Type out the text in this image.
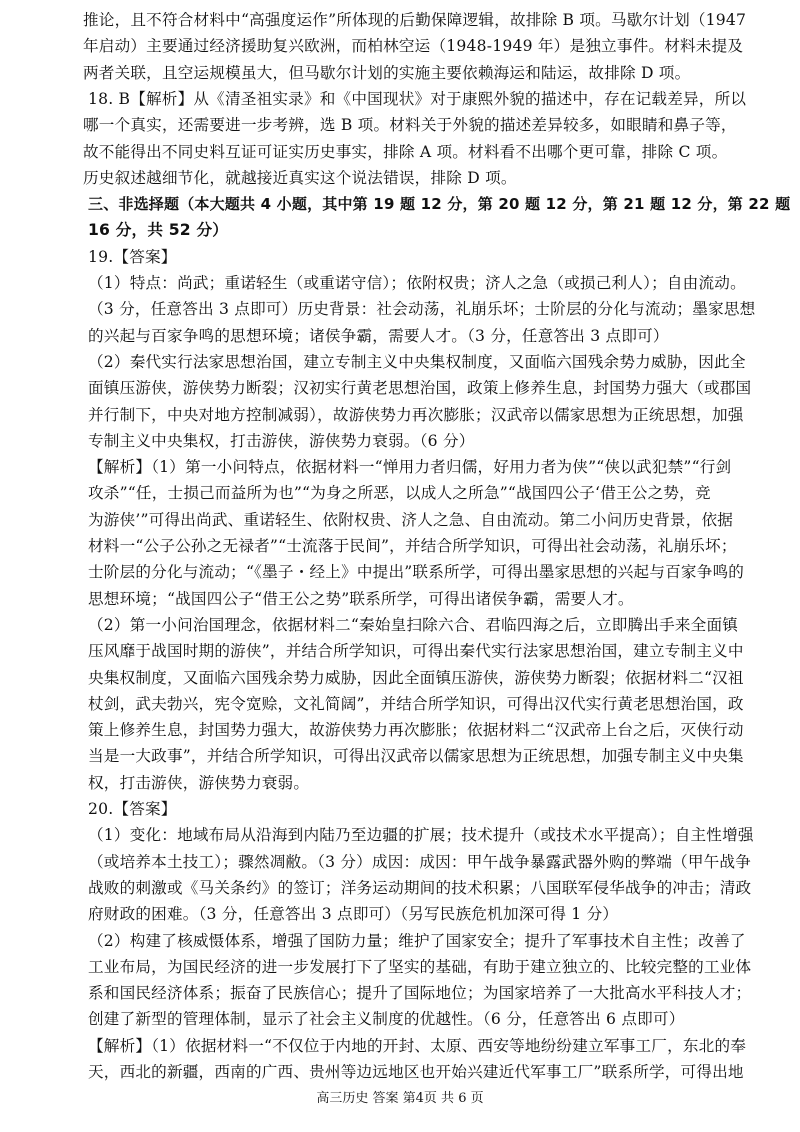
推论，且不符合材料中“高强度运作”所体现的后勤保障逻辑，故排除 B 项。马歇尔计划（1947
年启动）主要通过经济援助复兴欧洲，而柏林空运（1948-1949 年）是独立事件。材料未提及
两者关联，且空运规模虽大，但马歇尔计划的实施主要依赖海运和陆运，故排除 D 项。
18. B【解析】从《清圣祖实录》和《中国现状》对于康熙外貌的描述中，存在记载差异，所以
哪一个真实，还需要进一步考辨，选 B 项。材料关于外貌的描述差异较多，如眼睛和鼻子等，
故不能得出不同史料互证可证实历史事实，排除 A 项。材料看不出哪个更可靠，排除 C 项。
历史叙述越细节化，就越接近真实这个说法错误，排除 D 项。
三、非选择题（本大题共 4 小题，其中第 19 题 12 分，第 20 题 12 分，第 21 题 12 分，第 22 题
16 分，共 52 分）
19.【答案】
（1）特点：尚武；重诺轻生（或重诺守信）；依附权贵；济人之急（或损己利人）；自由流动。
（3 分，任意答出 3 点即可）历史背景：社会动荡，礼崩乐坏；士阶层的分化与流动；墨家思想
的兴起与百家争鸣的思想环境；诸侯争霸，需要人才。（3 分，任意答出 3 点即可）
（2）秦代实行法家思想治国，建立专制主义中央集权制度，又面临六国残余势力威胁，因此全
面镇压游侠，游侠势力断裂；汉初实行黄老思想治国，政策上修养生息，封国势力强大（或郡国
并行制下，中央对地方控制减弱），故游侠势力再次膨胀；汉武帝以儒家思想为正统思想，加强
专制主义中央集权，打击游侠，游侠势力衰弱。（6 分）
【解析】（1）第一小问特点，依据材料一“惮用力者归儒，好用力者为侠”“侠以武犯禁”“行剑
攻杀”“任，士损己而益所为也”“为身之所恶，以成人之所急”“战国四公子‘借王公之势，竞
为游侠’”可得出尚武、重诺轻生、依附权贵、济人之急、自由流动。第二小问历史背景，依据
材料一“公子公孙之无禄者”“士流落于民间”，并结合所学知识，可得出社会动荡，礼崩乐坏；
士阶层的分化与流动；“《墨子・经上》中提出”联系所学，可得出墨家思想的兴起与百家争鸣的
思想环境；“战国四公子“借王公之势”联系所学，可得出诸侯争霸，需要人才。
（2）第一小问治国理念，依据材料二“秦始皇扫除六合、君临四海之后，立即腾出手来全面镇
压风靡于战国时期的游侠”，并结合所学知识，可得出秦代实行法家思想治国，建立专制主义中
央集权制度，又面临六国残余势力威胁，因此全面镇压游侠，游侠势力断裂；依据材料二“汉祖
杖剑，武夫勃兴，宪令宽赊，文礼简阔”，并结合所学知识，可得出汉代实行黄老思想治国，政
策上修养生息，封国势力强大，故游侠势力再次膨胀；依据材料二“汉武帝上台之后，灭侠行动
当是一大政事”，并结合所学知识，可得出汉武帝以儒家思想为正统思想，加强专制主义中央集
权，打击游侠，游侠势力衰弱。
20.【答案】
（1）变化：地域布局从沿海到内陆乃至边疆的扩展；技术提升（或技术水平提高）；自主性增强
（或培养本土技工）；骤然凋敝。（3 分）成因：成因：甲午战争暴露武器外购的弊端（甲午战争
战败的刺激或《马关条约》的签订；洋务运动期间的技术积累；八国联军侵华战争的冲击；清政
府财政的困难。（3 分，任意答出 3 点即可）（另写民族危机加深可得 1 分）
（2）构建了核威慑体系，增强了国防力量；维护了国家安全；提升了军事技术自主性；改善了
工业布局，为国民经济的进一步发展打下了坚实的基础，有助于建立独立的、比较完整的工业体
系和国民经济体系；振奋了民族信心；提升了国际地位；为国家培养了一大批高水平科技人才；
创建了新型的管理体制，显示了社会主义制度的优越性。（6 分，任意答出 6 点即可）
【解析】（1）依据材料一“不仅位于内地的开封、太原、西安等地纷纷建立军事工厂，东北的奉
天，西北的新疆，西南的广西、贵州等边远地区也开始兴建近代军事工厂”联系所学，可得出地
高三历史 答案 第4页 共 6 页
